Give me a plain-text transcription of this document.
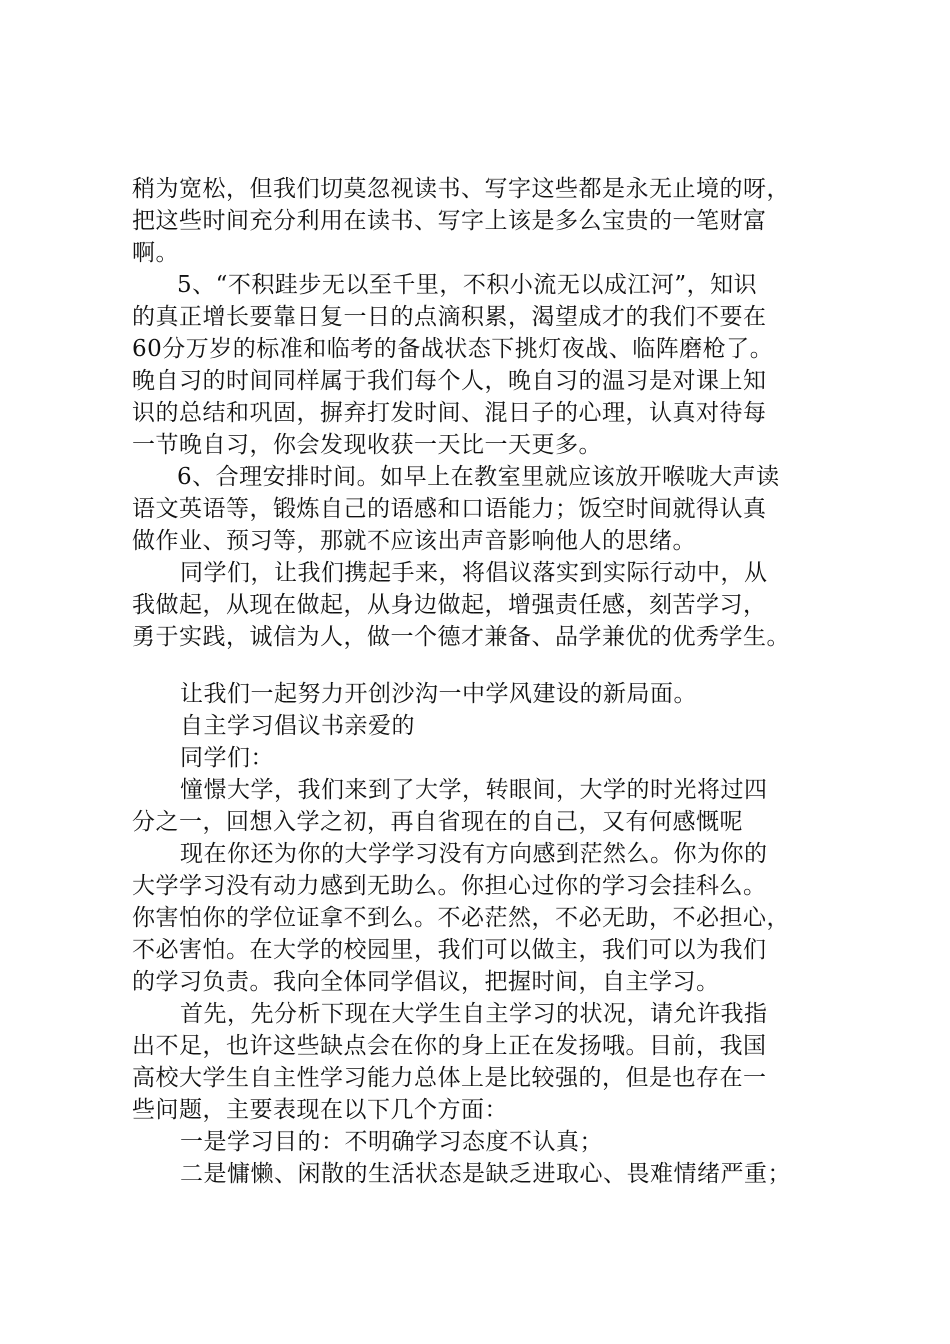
稍为宽松，但我们切莫忽视读书、写字这些都是永无止境的呀，
把这些时间充分利用在读书、写字上该是多么宝贵的一笔财富
啊。
5、“不积跬步无以至千里，不积小流无以成江河”，知识
的真正增长要靠日复一日的点滴积累，渴望成才的我们不要在
60分万岁的标准和临考的备战状态下挑灯夜战、临阵磨枪了。
晚自习的时间同样属于我们每个人，晚自习的温习是对课上知
识的总结和巩固，摒弃打发时间、混日子的心理，认真对待每
一节晚自习，你会发现收获一天比一天更多。
6、合理安排时间。如早上在教室里就应该放开喉咙大声读
语文英语等，锻炼自己的语感和口语能力；饭空时间就得认真
做作业、预习等，那就不应该出声音影响他人的思绪。
同学们，让我们携起手来，将倡议落实到实际行动中，从
我做起，从现在做起，从身边做起，增强责任感，刻苦学习，
勇于实践，诚信为人，做一个德才兼备、品学兼优的优秀学生。
让我们一起努力开创沙沟一中学风建设的新局面。
自主学习倡议书亲爱的
同学们：
憧憬大学，我们来到了大学，转眼间，大学的时光将过四
分之一，回想入学之初，再自省现在的自己，又有何感慨呢
现在你还为你的大学学习没有方向感到茫然么。你为你的
大学学习没有动力感到无助么。你担心过你的学习会挂科么。
你害怕你的学位证拿不到么。不必茫然，不必无助，不必担心，
不必害怕。在大学的校园里，我们可以做主，我们可以为我们
的学习负责。我向全体同学倡议，把握时间，自主学习。
首先，先分析下现在大学生自主学习的状况，请允许我指
出不足，也许这些缺点会在你的身上正在发扬哦。目前，我国
高校大学生自主性学习能力总体上是比较强的，但是也存在一
些问题，主要表现在以下几个方面：
一是学习目的：不明确学习态度不认真；
二是慵懒、闲散的生活状态是缺乏进取心、畏难情绪严重；
